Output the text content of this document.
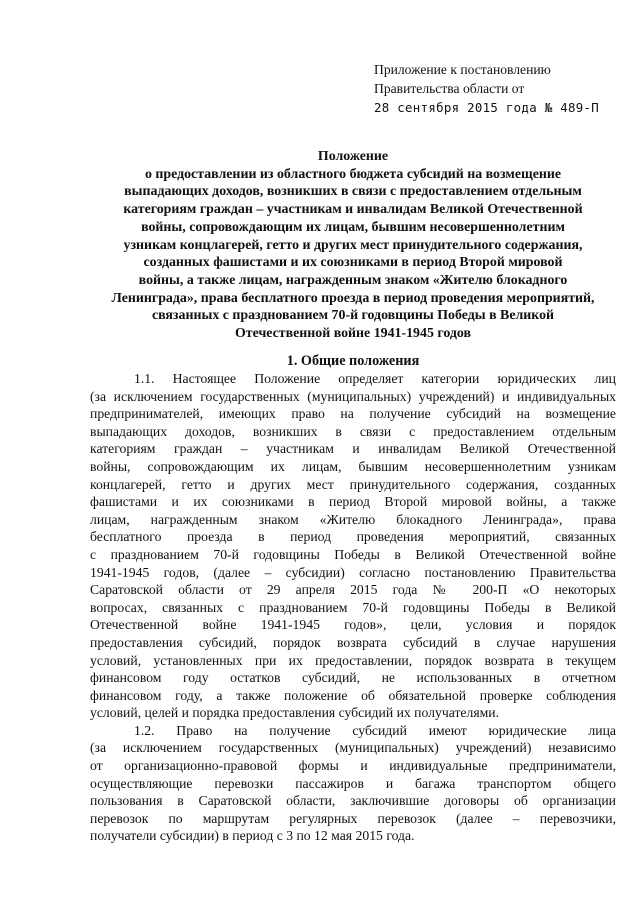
Приложение к постановлению
Правительства области от
28 сентября 2015 года № 489-П
Положение
о предоставлении из областного бюджета субсидий на возмещение
выпадающих доходов, возникших в связи с предоставлением отдельным
категориям граждан – участникам и инвалидам Великой Отечественной
войны, сопровождающим их лицам, бывшим несовершеннолетним
узникам концлагерей, гетто и других мест принудительного содержания,
созданных фашистами и их союзниками в период Второй мировой
войны, а также лицам, награжденным знаком «Жителю блокадного
Ленинграда», права бесплатного проезда в период проведения мероприятий,
связанных с празднованием 70-й годовщины Победы в Великой
Отечественной войне 1941-1945 годов
1. Общие положения
1.1. Настоящее Положение определяет категории юридических лиц
(за исключением государственных (муниципальных) учреждений) и индивидуальных
предпринимателей, имеющих право на получение субсидий на возмещение
выпадающих доходов, возникших в связи с предоставлением отдельным
категориям граждан – участникам и инвалидам Великой Отечественной
войны, сопровождающим их лицам, бывшим несовершеннолетним узникам
концлагерей, гетто и других мест принудительного содержания, созданных
фашистами и их союзниками в период Второй мировой войны, а также
лицам, награжденным знаком «Жителю блокадного Ленинграда», права
бесплатного проезда в период проведения мероприятий, связанных
с празднованием 70-й годовщины Победы в Великой Отечественной войне
1941-1945 годов, (далее – субсидии) согласно постановлению Правительства
Саратовской области от 29 апреля 2015 года № 200-П «О некоторых
вопросах, связанных с празднованием 70-й годовщины Победы в Великой
Отечественной войне 1941-1945 годов», цели, условия и порядок
предоставления субсидий, порядок возврата субсидий в случае нарушения
условий, установленных при их предоставлении, порядок возврата в текущем
финансовом году остатков субсидий, не использованных в отчетном
финансовом году, а также положение об обязательной проверке соблюдения
условий, целей и порядка предоставления субсидий их получателями.
1.2. Право на получение субсидий имеют юридические лица
(за исключением государственных (муниципальных) учреждений) независимо
от организационно-правовой формы и индивидуальные предприниматели,
осуществляющие перевозки пассажиров и багажа транспортом общего
пользования в Саратовской области, заключившие договоры об организации
перевозок по маршрутам регулярных перевозок (далее – перевозчики,
получатели субсидии) в период с 3 по 12 мая 2015 года.
